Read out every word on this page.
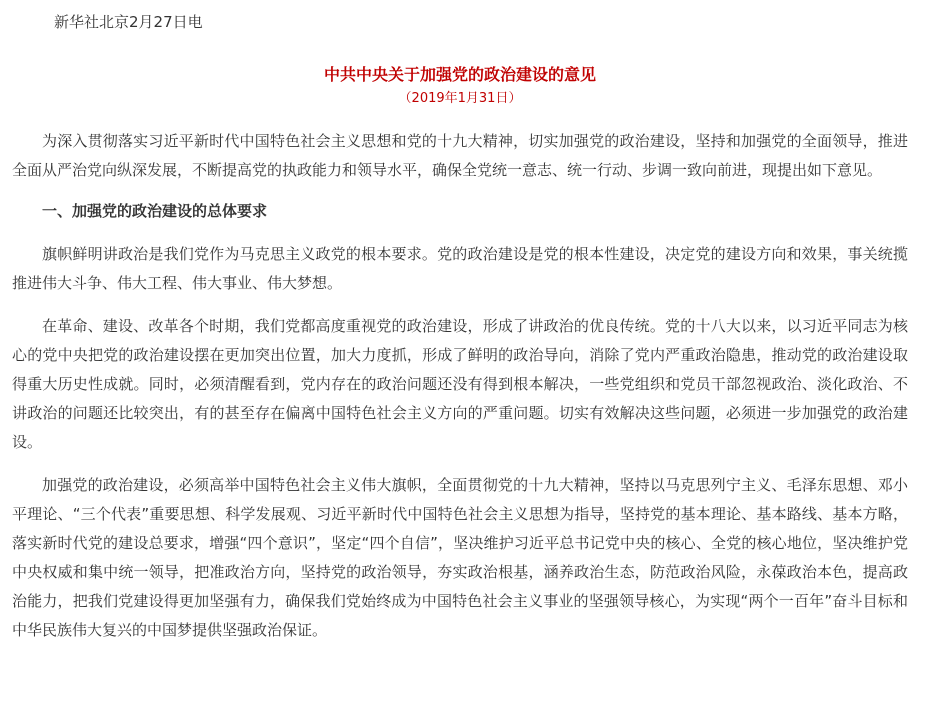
新华社北京2月27日电
中共中央关于加强党的政治建设的意见
（2019年1月31日）

为深入贯彻落实习近平新时代中国特色社会主义思想和党的十九大精神，切实加强党的政治建设，坚持和加强党的全面领导，推进全面从严治党向纵深发展，不断提高党的执政能力和领导水平，确保全党统一意志、统一行动、步调一致向前进，现提出如下意见。

一、加强党的政治建设的总体要求

旗帜鲜明讲政治是我们党作为马克思主义政党的根本要求。党的政治建设是党的根本性建设，决定党的建设方向和效果，事关统揽推进伟大斗争、伟大工程、伟大事业、伟大梦想。

在革命、建设、改革各个时期，我们党都高度重视党的政治建设，形成了讲政治的优良传统。党的十八大以来，以习近平同志为核心的党中央把党的政治建设摆在更加突出位置，加大力度抓，形成了鲜明的政治导向，消除了党内严重政治隐患，推动党的政治建设取得重大历史性成就。同时，必须清醒看到，党内存在的政治问题还没有得到根本解决，一些党组织和党员干部忽视政治、淡化政治、不讲政治的问题还比较突出，有的甚至存在偏离中国特色社会主义方向的严重问题。切实有效解决这些问题，必须进一步加强党的政治建设。

加强党的政治建设，必须高举中国特色社会主义伟大旗帜，全面贯彻党的十九大精神，坚持以马克思列宁主义、毛泽东思想、邓小平理论、“三个代表”重要思想、科学发展观、习近平新时代中国特色社会主义思想为指导，坚持党的基本理论、基本路线、基本方略，落实新时代党的建设总要求，增强“四个意识”，坚定“四个自信”，坚决维护习近平总书记党中央的核心、全党的核心地位，坚决维护党中央权威和集中统一领导，把准政治方向，坚持党的政治领导，夯实政治根基，涵养政治生态，防范政治风险，永葆政治本色，提高政治能力，把我们党建设得更加坚强有力，确保我们党始终成为中国特色社会主义事业的坚强领导核心，为实现“两个一百年”奋斗目标和中华民族伟大复兴的中国梦提供坚强政治保证。
